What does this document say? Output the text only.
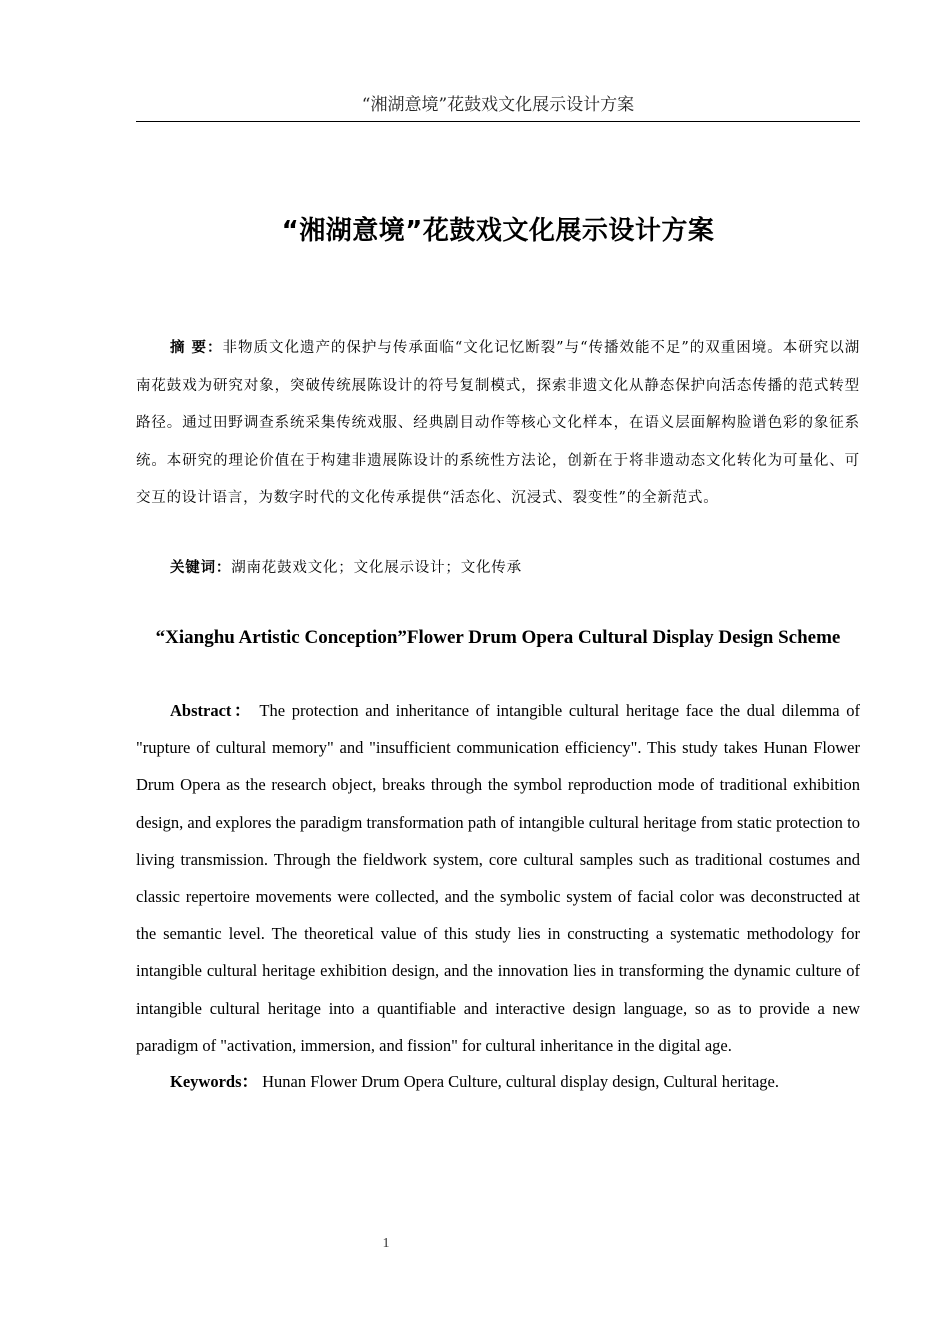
“湘湖意境”花鼓戏文化展示设计方案
“湘湖意境”花鼓戏文化展示设计方案
摘 要：非物质文化遗产的保护与传承面临“文化记忆断裂”与“传播效能不足”的双重困境。本研究以湖南花鼓戏为研究对象，突破传统展陈设计的符号复制模式，探索非遗文化从静态保护向活态传播的范式转型路径。通过田野调查系统采集传统戏服、经典剧目动作等核心文化样本，在语义层面解构脸谱色彩的象征系统。本研究的理论价值在于构建非遗展陈设计的系统性方法论，创新在于将非遗动态文化转化为可量化、可交互的设计语言，为数字时代的文化传承提供“活态化、沉浸式、裂变性”的全新范式。
关键词：湖南花鼓戏文化；文化展示设计；文化传承
“Xianghu Artistic Conception”Flower Drum Opera Cultural Display Design Scheme
Abstract： The protection and inheritance of intangible cultural heritage face the dual dilemma of "rupture of cultural memory" and "insufficient communication efficiency". This study takes Hunan Flower Drum Opera as the research object, breaks through the symbol reproduction mode of traditional exhibition design, and explores the paradigm transformation path of intangible cultural heritage from static protection to living transmission. Through the fieldwork system, core cultural samples such as traditional costumes and classic repertoire movements were collected, and the symbolic system of facial color was deconstructed at the semantic level. The theoretical value of this study lies in constructing a systematic methodology for intangible cultural heritage exhibition design, and the innovation lies in transforming the dynamic culture of intangible cultural heritage into a quantifiable and interactive design language, so as to provide a new paradigm of "activation, immersion, and fission" for cultural inheritance in the digital age.
Keywords： Hunan Flower Drum Opera Culture, cultural display design, Cultural heritage.
1
